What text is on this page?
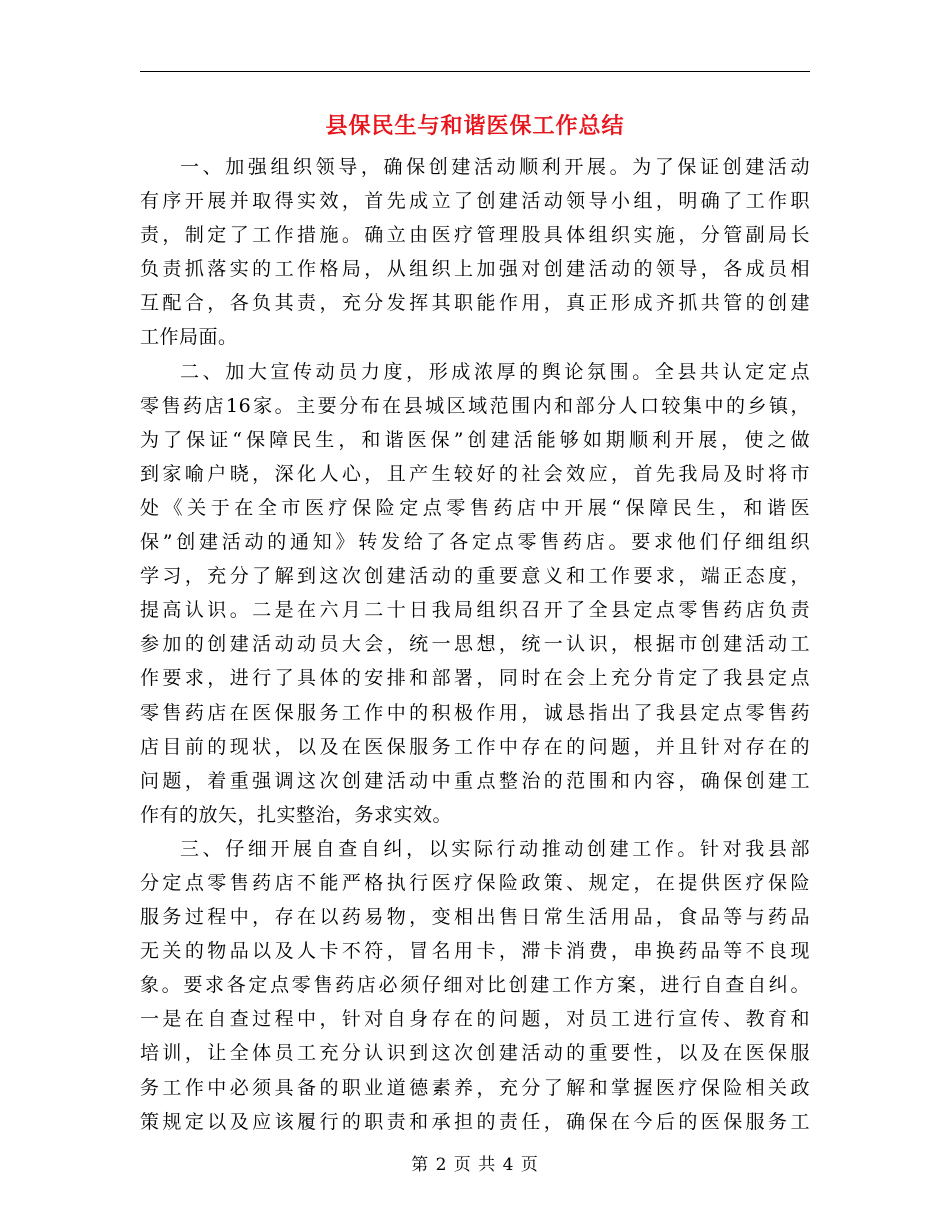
县保民生与和谐医保工作总结
一、加强组织领导，确保创建活动顺利开展。为了保证创建活动
有序开展并取得实效，首先成立了创建活动领导小组，明确了工作职
责，制定了工作措施。确立由医疗管理股具体组织实施，分管副局长
负责抓落实的工作格局，从组织上加强对创建活动的领导，各成员相
互配合，各负其责，充分发挥其职能作用，真正形成齐抓共管的创建
工作局面。
二、加大宣传动员力度，形成浓厚的舆论氛围。全县共认定定点
零售药店16家。主要分布在县城区域范围内和部分人口较集中的乡镇，
为了保证“保障民生，和谐医保”创建活能够如期顺利开展，使之做
到家喻户晓，深化人心，且产生较好的社会效应，首先我局及时将市
处《关于在全市医疗保险定点零售药店中开展“保障民生，和谐医
保”创建活动的通知》转发给了各定点零售药店。要求他们仔细组织
学习，充分了解到这次创建活动的重要意义和工作要求，端正态度，
提高认识。二是在六月二十日我局组织召开了全县定点零售药店负责
参加的创建活动动员大会，统一思想，统一认识，根据市创建活动工
作要求，进行了具体的安排和部署，同时在会上充分肯定了我县定点
零售药店在医保服务工作中的积极作用，诚恳指出了我县定点零售药
店目前的现状，以及在医保服务工作中存在的问题，并且针对存在的
问题，着重强调这次创建活动中重点整治的范围和内容，确保创建工
作有的放矢，扎实整治，务求实效。
三、仔细开展自查自纠，以实际行动推动创建工作。针对我县部
分定点零售药店不能严格执行医疗保险政策、规定，在提供医疗保险
服务过程中，存在以药易物，变相出售日常生活用品，食品等与药品
无关的物品以及人卡不符，冒名用卡，滞卡消费，串换药品等不良现
象。要求各定点零售药店必须仔细对比创建工作方案，进行自查自纠。
一是在自查过程中，针对自身存在的问题，对员工进行宣传、教育和
培训，让全体员工充分认识到这次创建活动的重要性，以及在医保服
务工作中必须具备的职业道德素养，充分了解和掌握医疗保险相关政
策规定以及应该履行的职责和承担的责任，确保在今后的医保服务工
第 2 页 共 4 页
